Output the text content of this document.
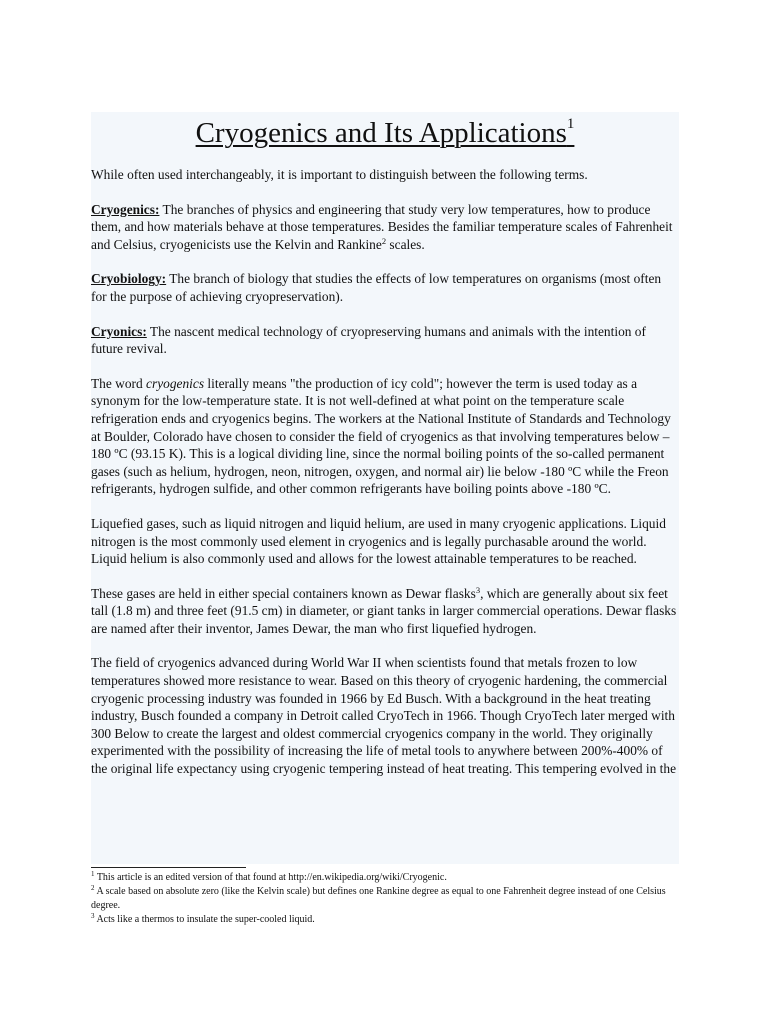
Cryogenics and Its Applications$^1$

While often used interchangeably, it is important to distinguish between the following terms.

Cryogenics: The branches of physics and engineering that study very low temperatures, how to produce them, and how materials behave at those temperatures. Besides the familiar temperature scales of Fahrenheit and Celsius, cryogenicists use the Kelvin and Rankine$^2$ scales.

Cryobiology: The branch of biology that studies the effects of low temperatures on organisms (most often for the purpose of achieving cryopreservation).

Cryonics: The nascent medical technology of cryopreserving humans and animals with the intention of future revival.

The word cryogenics literally means "the production of icy cold"; however the term is used today as a synonym for the low-temperature state. It is not well-defined at what point on the temperature scale refrigeration ends and cryogenics begins. The workers at the National Institute of Standards and Technology at Boulder, Colorado have chosen to consider the field of cryogenics as that involving temperatures below –180 ºC (93.15 K). This is a logical dividing line, since the normal boiling points of the so-called permanent gases (such as helium, hydrogen, neon, nitrogen, oxygen, and normal air) lie below -180 ºC while the Freon refrigerants, hydrogen sulfide, and other common refrigerants have boiling points above -180 ºC.

Liquefied gases, such as liquid nitrogen and liquid helium, are used in many cryogenic applications. Liquid nitrogen is the most commonly used element in cryogenics and is legally purchasable around the world. Liquid helium is also commonly used and allows for the lowest attainable temperatures to be reached.

These gases are held in either special containers known as Dewar flasks$^3$, which are generally about six feet tall (1.8 m) and three feet (91.5 cm) in diameter, or giant tanks in larger commercial operations. Dewar flasks are named after their inventor, James Dewar, the man who first liquefied hydrogen.

The field of cryogenics advanced during World War II when scientists found that metals frozen to low temperatures showed more resistance to wear. Based on this theory of cryogenic hardening, the commercial cryogenic processing industry was founded in 1966 by Ed Busch. With a background in the heat treating industry, Busch founded a company in Detroit called CryoTech in 1966. Though CryoTech later merged with 300 Below to create the largest and oldest commercial cryogenics company in the world. They originally experimented with the possibility of increasing the life of metal tools to anywhere between 200%-400% of the original life expectancy using cryogenic tempering instead of heat treating. This tempering evolved in the

$^1$ This article is an edited version of that found at http://en.wikipedia.org/wiki/Cryogenic.
$^2$ A scale based on absolute zero (like the Kelvin scale) but defines one Rankine degree as equal to one Fahrenheit degree instead of one Celsius degree.
$^3$ Acts like a thermos to insulate the super-cooled liquid.
